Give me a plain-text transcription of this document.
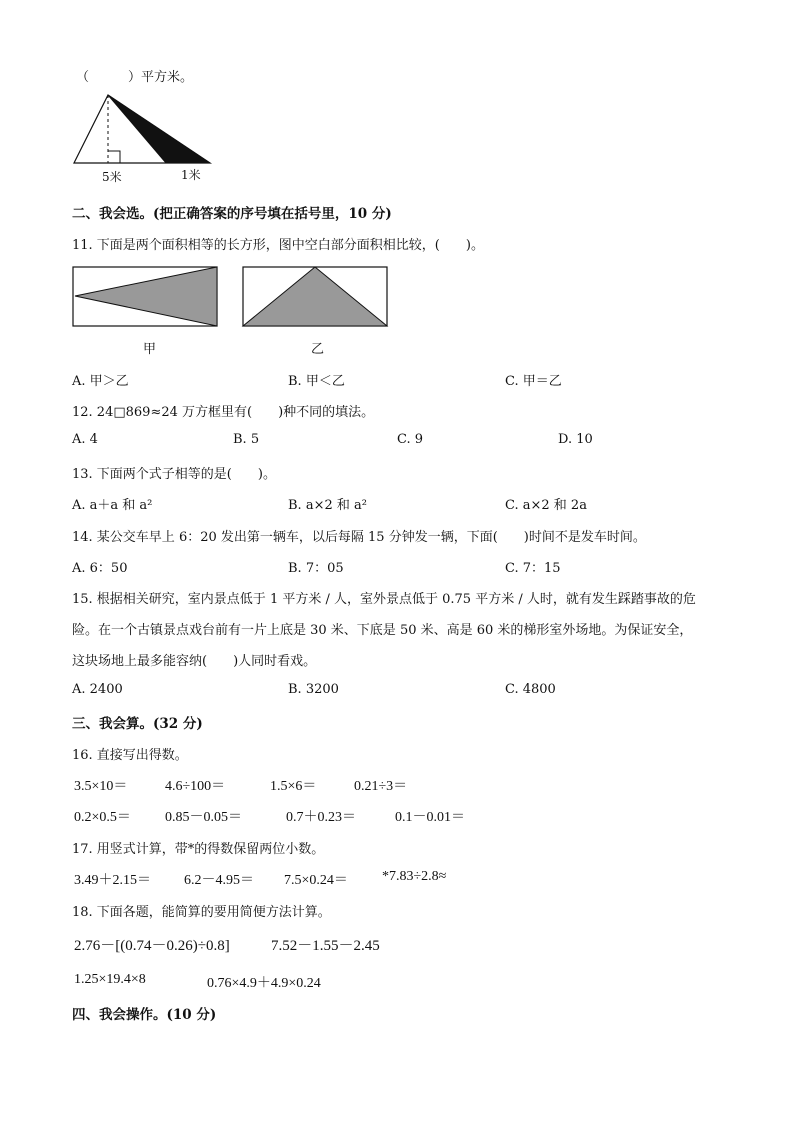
（　　　）平方米。
5米	1米
二、我会选。(把正确答案的序号填在括号里，10 分)
11. 下面是两个面积相等的长方形，图中空白部分面积相比较，(　　)。
甲	乙
A. 甲＞乙	B. 甲＜乙	C. 甲＝乙
12. 24□869≈24 万方框里有(　　)种不同的填法。
A. 4	B. 5	C. 9	D. 10
13. 下面两个式子相等的是(　　)。
A. a＋a 和 a²	B. a×2 和 a²	C. a×2 和 2a
14. 某公交车早上 6：20 发出第一辆车，以后每隔 15 分钟发一辆，下面(　　)时间不是发车时间。
A. 6：50	B. 7：05	C. 7：15
15. 根据相关研究，室内景点低于 1 平方米 / 人，室外景点低于 0.75 平方米 / 人时，就有发生踩踏事故的危
险。在一个古镇景点戏台前有一片上底是 30 米、下底是 50 米、高是 60 米的梯形室外场地。为保证安全，
这块场地上最多能容纳(　　)人同时看戏。
A. 2400	B. 3200	C. 4800
三、我会算。(32 分)
16. 直接写出得数。
3.5×10＝	4.6÷100＝	1.5×6＝	0.21÷3＝
0.2×0.5＝ 0.85－0.05＝	0.7＋0.23＝	0.1－0.01＝
17. 用竖式计算，带*的得数保留两位小数。
3.49＋2.15＝ 6.2－4.95＝ 7.5×0.24＝ *7.83÷2.8≈
18. 下面各题，能简算的要用简便方法计算。
2.76－[(0.74－0.26)÷0.8]	7.52－1.55－2.45
1.25×19.4×8	0.76×4.9＋4.9×0.24
四、我会操作。(10 分)
